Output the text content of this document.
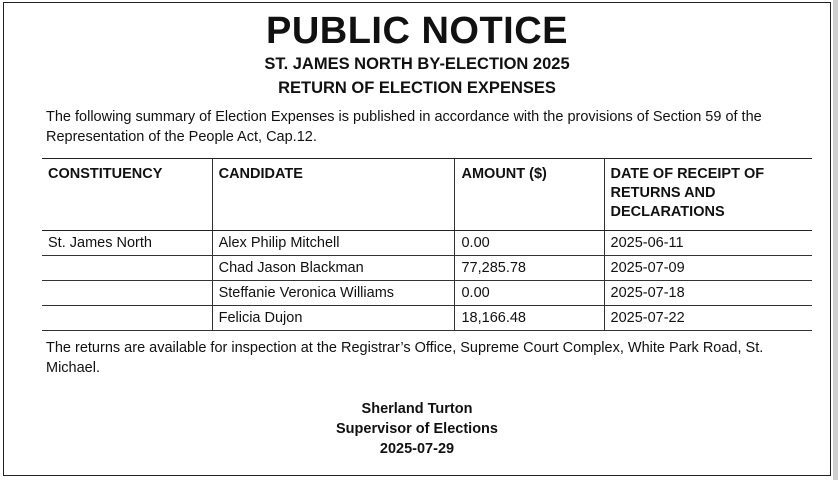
PUBLIC NOTICE
ST. JAMES NORTH BY-ELECTION 2025
RETURN OF ELECTION EXPENSES
The following summary of Election Expenses is published in accordance with the provisions of Section 59 of the Representation of the People Act, Cap.12.
CONSTITUENCY	CANDIDATE	AMOUNT ($)	DATE OF RECEIPT OF RETURNS AND DECLARATIONS
St. James North	Alex Philip Mitchell	0.00	2025-06-11
	Chad Jason Blackman	77,285.78	2025-07-09
	Steffanie Veronica Williams	0.00	2025-07-18
	Felicia Dujon	18,166.48	2025-07-22
The returns are available for inspection at the Registrar’s Office, Supreme Court Complex, White Park Road, St. Michael.
Sherland Turton
Supervisor of Elections
2025-07-29
